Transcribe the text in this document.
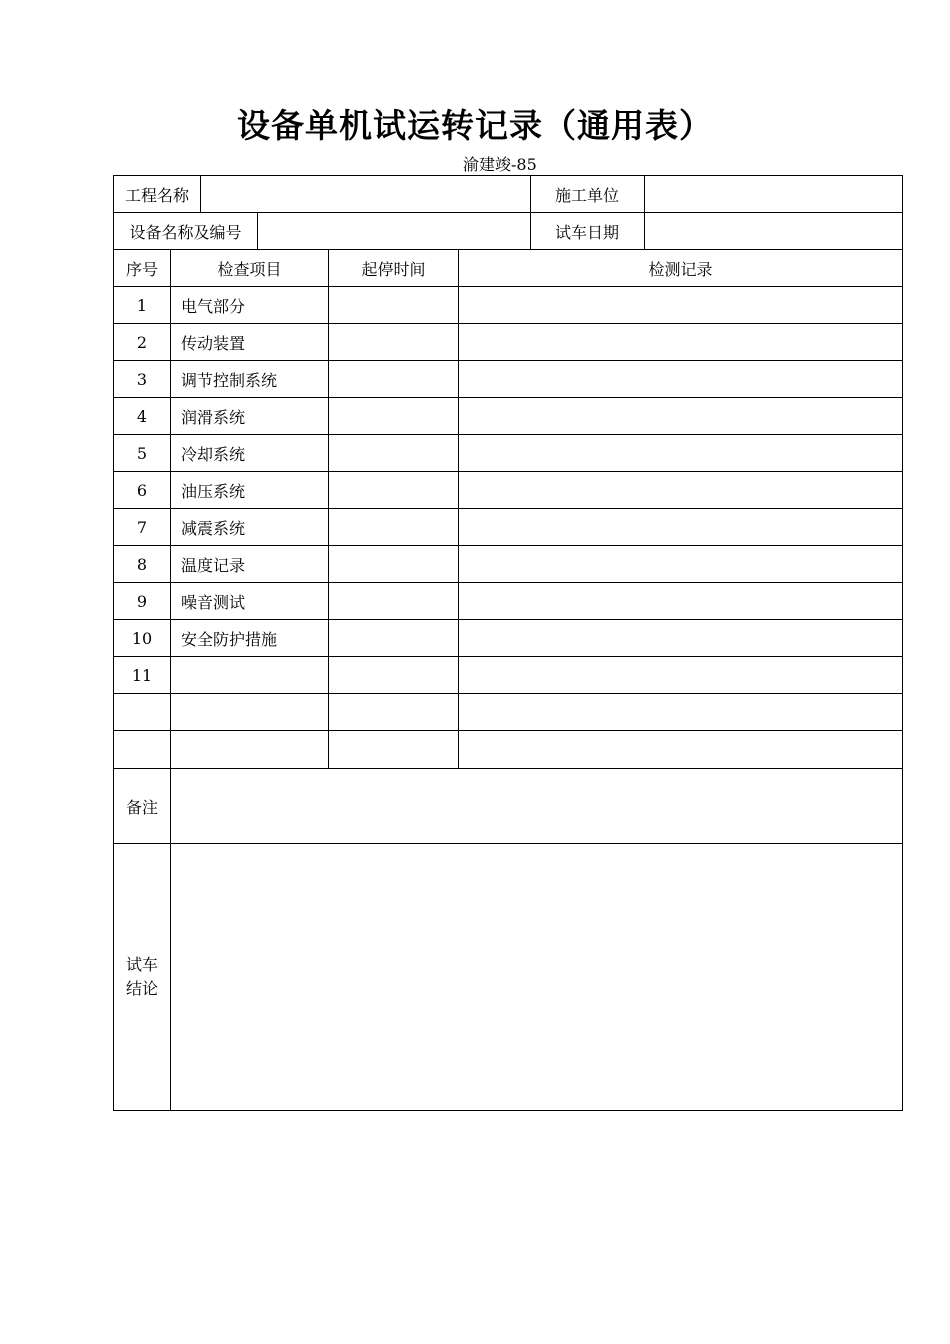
设备单机试运转记录（通用表）
渝建竣-85
工程名称	施工单位
设备名称及编号	试车日期
序号	检查项目	起停时间	检测记录
1	电气部分
2	传动装置
3	调节控制系统
4	润滑系统
5	冷却系统
6	油压系统
7	减震系统
8	温度记录
9	噪音测试
10	安全防护措施
11
备注
试车结论
